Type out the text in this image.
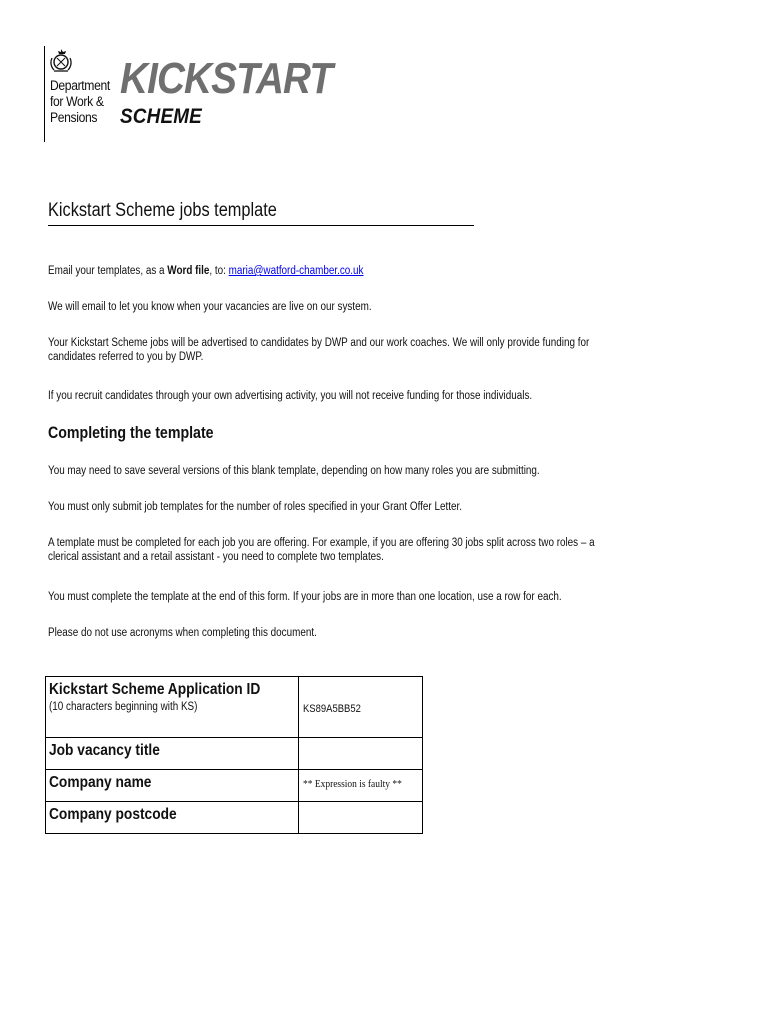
Department
for Work &
Pensions
KICKSTART
SCHEME
Kickstart Scheme jobs template
Email your templates, as a Word file, to: maria@watford-chamber.co.uk
We will email to let you know when your vacancies are live on our system.
Your Kickstart Scheme jobs will be advertised to candidates by DWP and our work coaches. We will only provide funding for
candidates referred to you by DWP.
If you recruit candidates through your own advertising activity, you will not receive funding for those individuals.
Completing the template
You may need to save several versions of this blank template, depending on how many roles you are submitting.
You must only submit job templates for the number of roles specified in your Grant Offer Letter.
A template must be completed for each job you are offering. For example, if you are offering 30 jobs split across two roles – a
clerical assistant and a retail assistant - you need to complete two templates.
You must complete the template at the end of this form. If your jobs are in more than one location, use a row for each.
Please do not use acronyms when completing this document.
Kickstart Scheme Application ID
(10 characters beginning with KS)	KS89A5BB52

Job vacancy title	

Company name	** Expression is faulty **

Company postcode	
